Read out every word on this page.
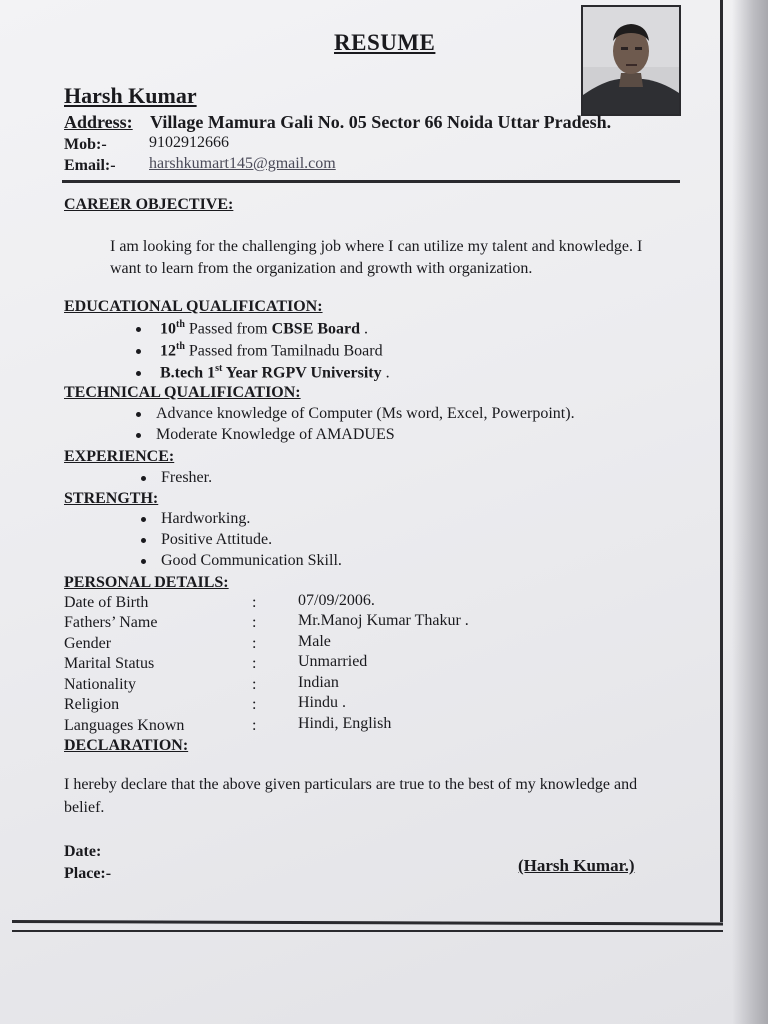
RESUME
Harsh Kumar
Address: Village Mamura Gali No. 05 Sector 66 Noida Uttar Pradesh.
Mob:-	9102912666
Email:- harshkumart145@gmail.com
CAREER OBJECTIVE:
I am looking for the challenging job where I can utilize my talent and knowledge. I
want to learn from the organization and growth with organization.
EDUCATIONAL QUALIFICATION:
10th Passed from CBSE Board .
12th Passed from Tamilnadu Board
B.tech 1st Year RGPV University .
TECHNICAL QUALIFICATION:
Advance knowledge of Computer (Ms word, Excel, Powerpoint).
Moderate Knowledge of AMADUES
EXPERIENCE:
Fresher.
STRENGTH:
Hardworking.
Positive Attitude.
Good Communication Skill.
PERSONAL DETAILS:
Date of Birth	:	07/09/2006.
Fathers’ Name	:	Mr.Manoj Kumar Thakur .
Gender	:	Male
Marital Status	:	Unmarried
Nationality	:	Indian
Religion	:	Hindu .
Languages Known	:	Hindi, English
DECLARATION:
I hereby declare that the above given particulars are true to the best of my knowledge and
belief.
Date:
Place:-	(Harsh Kumar.)
